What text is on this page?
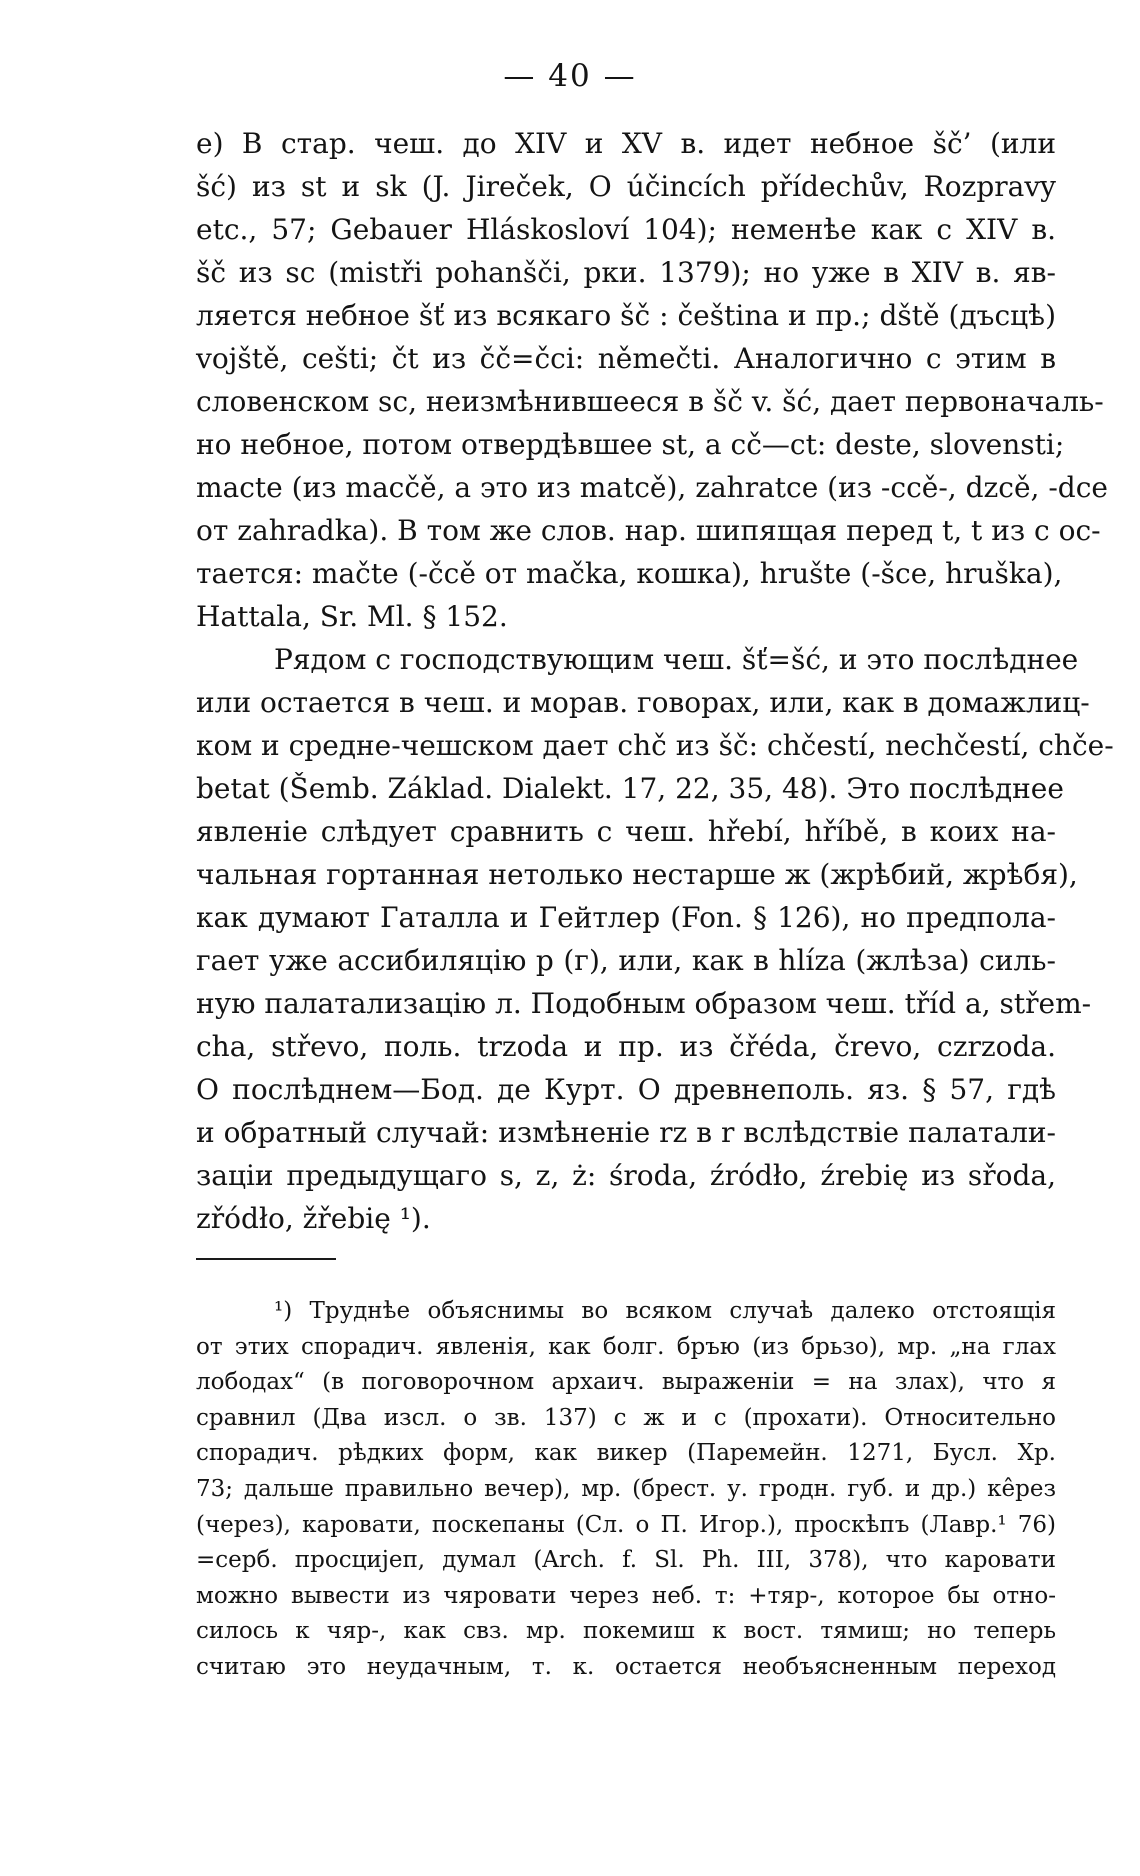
— 40 —
е) В стар. чеш. до XIV и XV в. идет небное šč’ (или
šć) из st и sk (J. Jireček, O účincích přídechův, Rozpravy
etc., 57; Gebauer Hláskosloví 104); неменѣе как с XIV в.
šč из sc (mistři pohanšči, рки. 1379); но уже в XIV в. яв-
ляется небное šť из всякаго šč : čeština и пр.; dště (дъсцѣ)
vojště, cešti; čt из čč=čci: němečti. Аналогично с этим в
словенском sc, неизмѣнившееся в šč v. šć, дает первоначаль-
но небное, потом отвердѣвшее st, а cč—ct: deste, slovensti;
macte (из macčě, а это из matcě), zahratce (из -ccě-, dzcě, -dce
от zahradka). В том же слов. нар. шипящая перед t, t из c ос-
тается: mačte (-čcě от mačka, кошка), hrušte (-šce, hruška),
Hattala, Sr. Ml. § 152.
Рядом с господствующим чеш. šť=šć, и это послѣднее
или остается в чеш. и морав. говорах, или, как в домажлиц-
ком и средне-чешском дает chč из šč: chčestí, nechčestí, chče-
betat (Šemb. Základ. Dialekt. 17, 22, 35, 48). Это послѣднее
явленіе слѣдует сравнить с чеш. hřebí, hříbě, в коих на-
чальная гортанная нетолько нестарше ж (жрѣбий, жрѣбя),
как думают Гаталла и Гейтлер (Fon. § 126), но предпола-
гает уже ассибиляцію р (г), или, как в hlíza (жлѣза) силь-
ную палатализацію л. Подобным образом чеш. tříd a, střem-
cha, střevo, поль. trzoda и пр. из čřéda, črevo, czrzoda.
О послѣднем—Бод. де Курт. О древнеполь. яз. § 57, гдѣ
и обратный случай: измѣненіе rz в r вслѣдствіе палатали-
заціи предыдущаго s, z, ż: środa, źródło, źrebię из sřoda,
zřódło, žřebię ¹).
¹) Труднѣе объяснимы во всяком случаѣ далеко отстоящія
от этих спорадич. явленія, как болг. бръю (из брьзо), мр. „на глах
лободах“ (в поговорочном архаич. выраженіи = на злах), что я
сравнил (Два изсл. о зв. 137) с ж и с (прохати). Относительно
спорадич. рѣдких форм, как викер (Паремейн. 1271, Бусл. Хр.
73; дальше правильно вечер), мр. (брест. у. гродн. губ. и др.) кêрез
(через), каровати, поскепаны (Сл. о П. Игор.), проскѣпъ (Лавр.¹ 76)
=серб. просцијеп, думал (Arch. f. Sl. Ph. III, 378), что каровати
можно вывести из чяровати через неб. т: +тяр-, которое бы отно-
силось к чяр-, как свз. мр. покемиш к вост. тямиш; но теперь
считаю это неудачным, т. к. остается необъясненным переход
